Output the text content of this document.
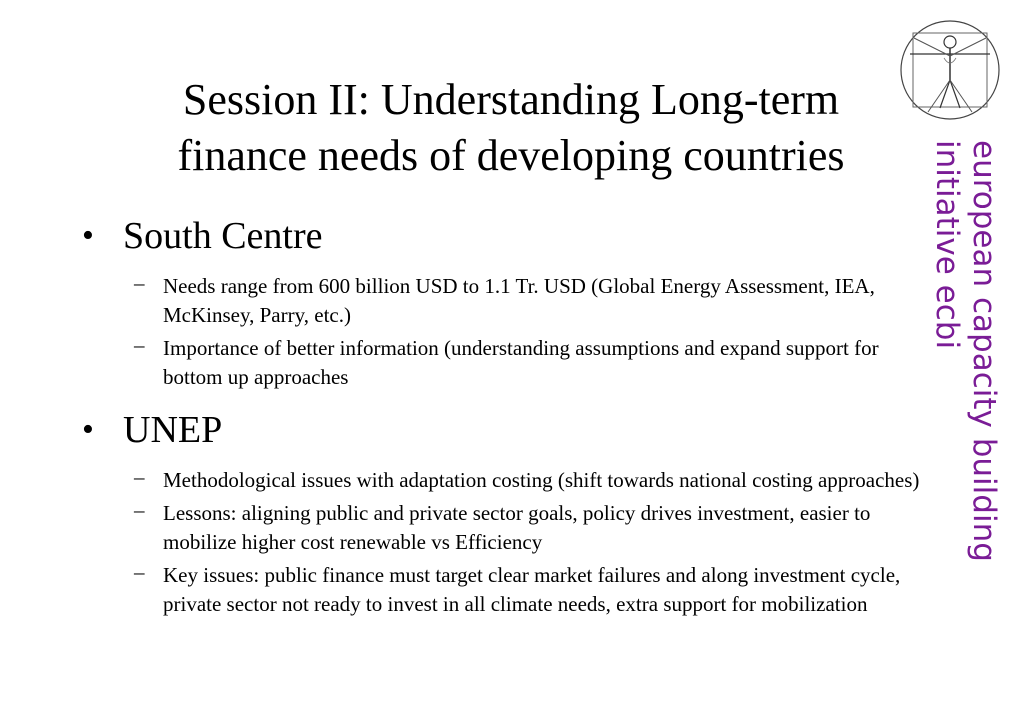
Session II: Understanding Long-term
finance needs of developing countries
• South Centre
– Needs range from 600 billion USD to 1.1 Tr. USD (Global Energy Assessment, IEA, McKinsey, Parry, etc.)
– Importance of better information (understanding assumptions and expand support for bottom up approaches
• UNEP
– Methodological issues with adaptation costing (shift towards national costing approaches)
– Lessons: aligning public and private sector goals, policy drives investment, easier to mobilize higher cost renewable vs Efficiency
– Key issues: public finance must target clear market failures and along investment cycle, private sector not ready to invest in all climate needs, extra support for mobilization
european capacity building
initiative ecbi
